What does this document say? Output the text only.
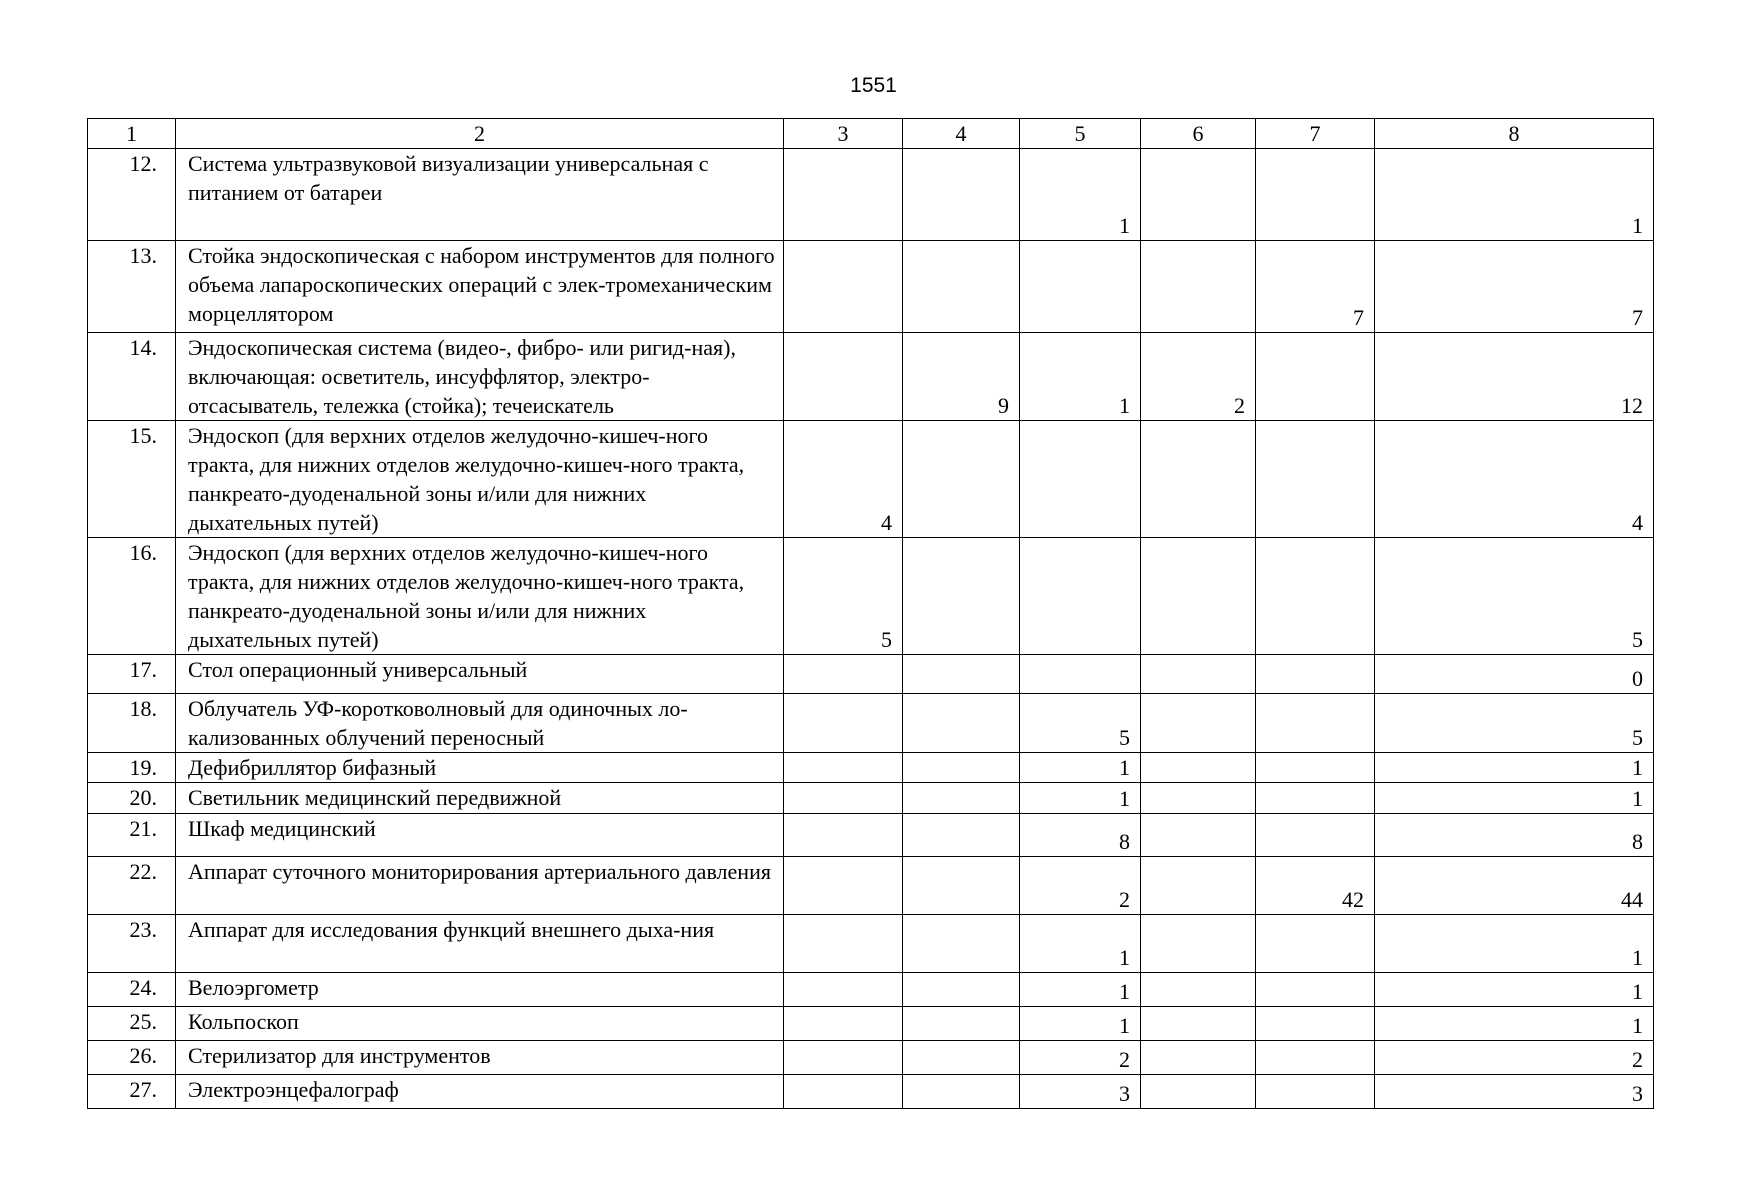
1551
1	2	3	4	5	6	7	8
12.	Система ультразвуковой визуализации универсальная с питанием от батареи			1			1
13.	Стойка эндоскопическая с набором инструментов для полного объема лапароскопических операций с элек-тромеханическим морцеллятором					7	7
14.	Эндоскопическая система (видео-, фибро- или ригид-ная), включающая: осветитель, инсуффлятор, электро-отсасыватель, тележка (стойка); течеискатель		9	1	2		12
15.	Эндоскоп (для верхних отделов желудочно-кишеч-ного тракта, для нижних отделов желудочно-кишеч-ного тракта, панкреато-дуоденальной зоны и/или для нижних дыхательных путей)	4					4
16.	Эндоскоп (для верхних отделов желудочно-кишеч-ного тракта, для нижних отделов желудочно-кишеч-ного тракта, панкреато-дуоденальной зоны и/или для нижних дыхательных путей)	5					5
17.	Стол операционный универсальный						0
18.	Облучатель УФ-коротковолновый для одиночных ло-кализованных облучений переносный			5			5
19.	Дефибриллятор бифазный			1			1
20.	Светильник медицинский передвижной			1			1
21.	Шкаф медицинский			8			8
22.	Аппарат суточного мониторирования артериального давления			2		42	44
23.	Аппарат для исследования функций внешнего дыха-ния			1			1
24.	Велоэргометр			1			1
25.	Кольпоскоп			1			1
26.	Стерилизатор для инструментов			2			2
27.	Электроэнцефалограф			3			3
